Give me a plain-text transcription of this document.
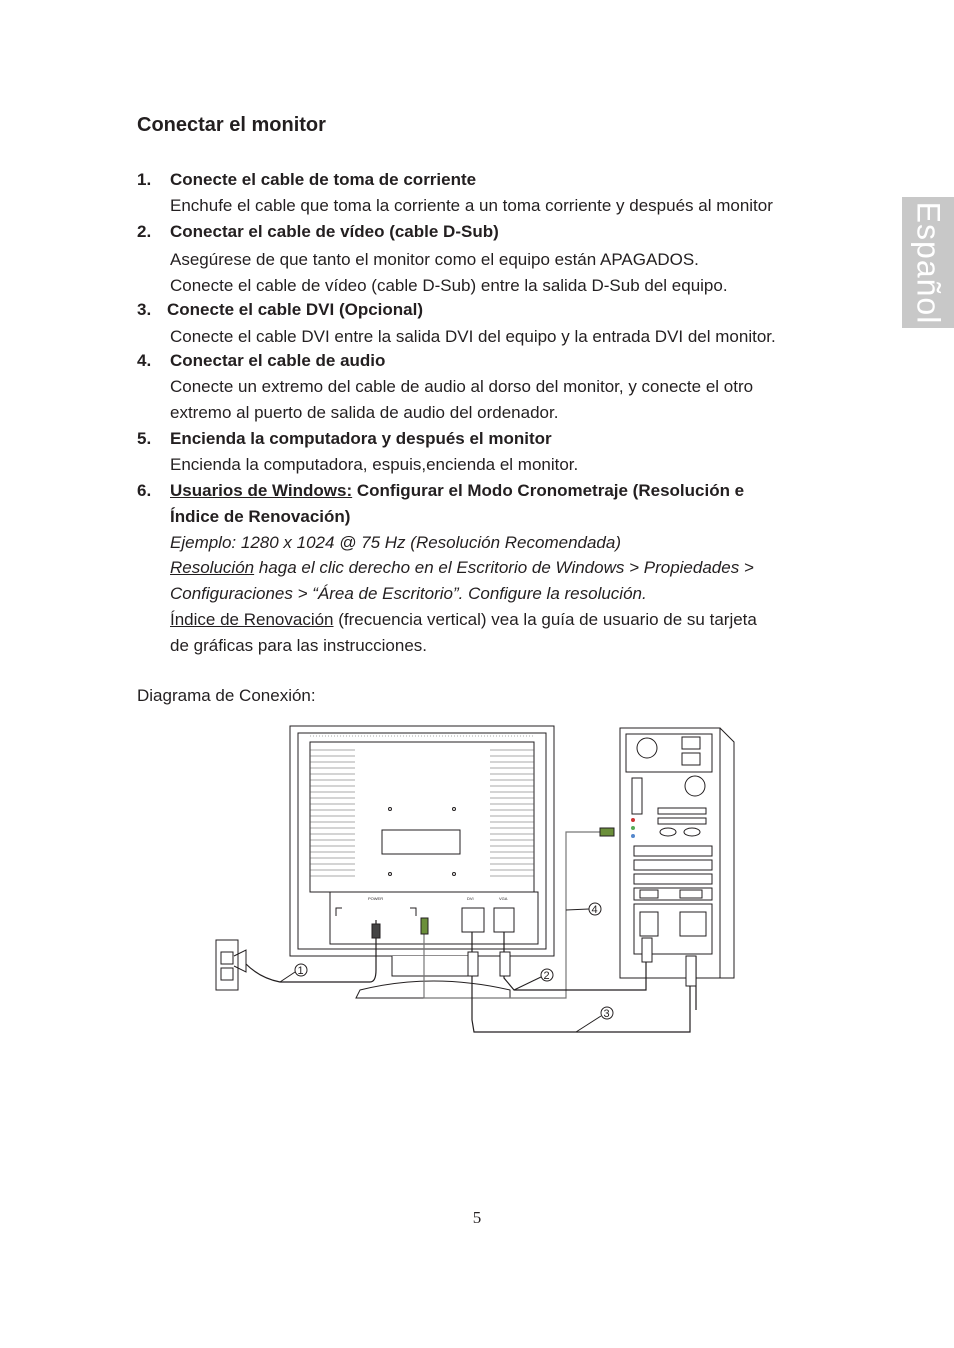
Español
Conectar el monitor
1. Conecte el cable de toma de corriente
Enchufe el cable que toma la corriente a un toma corriente y después al monitor
2. Conectar el cable de vídeo (cable D-Sub)
Asegúrese de que tanto el monitor como el equipo están APAGADOS.
Conecte el cable de vídeo (cable D-Sub) entre la salida D-Sub del equipo.
3. Conecte el cable DVI (Opcional)
Conecte el cable DVI entre la salida DVI del equipo y la entrada DVI del monitor.
4. Conectar el cable de audio
Conecte un extremo del cable de audio al dorso del monitor, y conecte el otro
extremo al puerto de salida de audio del ordenador.
5. Encienda la computadora y después el monitor
Encienda la computadora, espuis,encienda el monitor.
6. Usuarios de Windows: Configurar el Modo Cronometraje (Resolución e
Índice de Renovación)
Ejemplo: 1280 x 1024 @ 75 Hz (Resolución Recomendada)
Resolución haga el clic derecho en el Escritorio de Windows > Propiedades >
Configuraciones > “Área de Escritorio”. Configure la resolución.
Índice de Renovación (frecuencia vertical) vea la guía de usuario de su tarjeta
de gráficas para las instrucciones.
Diagrama de Conexión:
POWER	DVI	VGA
1	2
3
4
5
